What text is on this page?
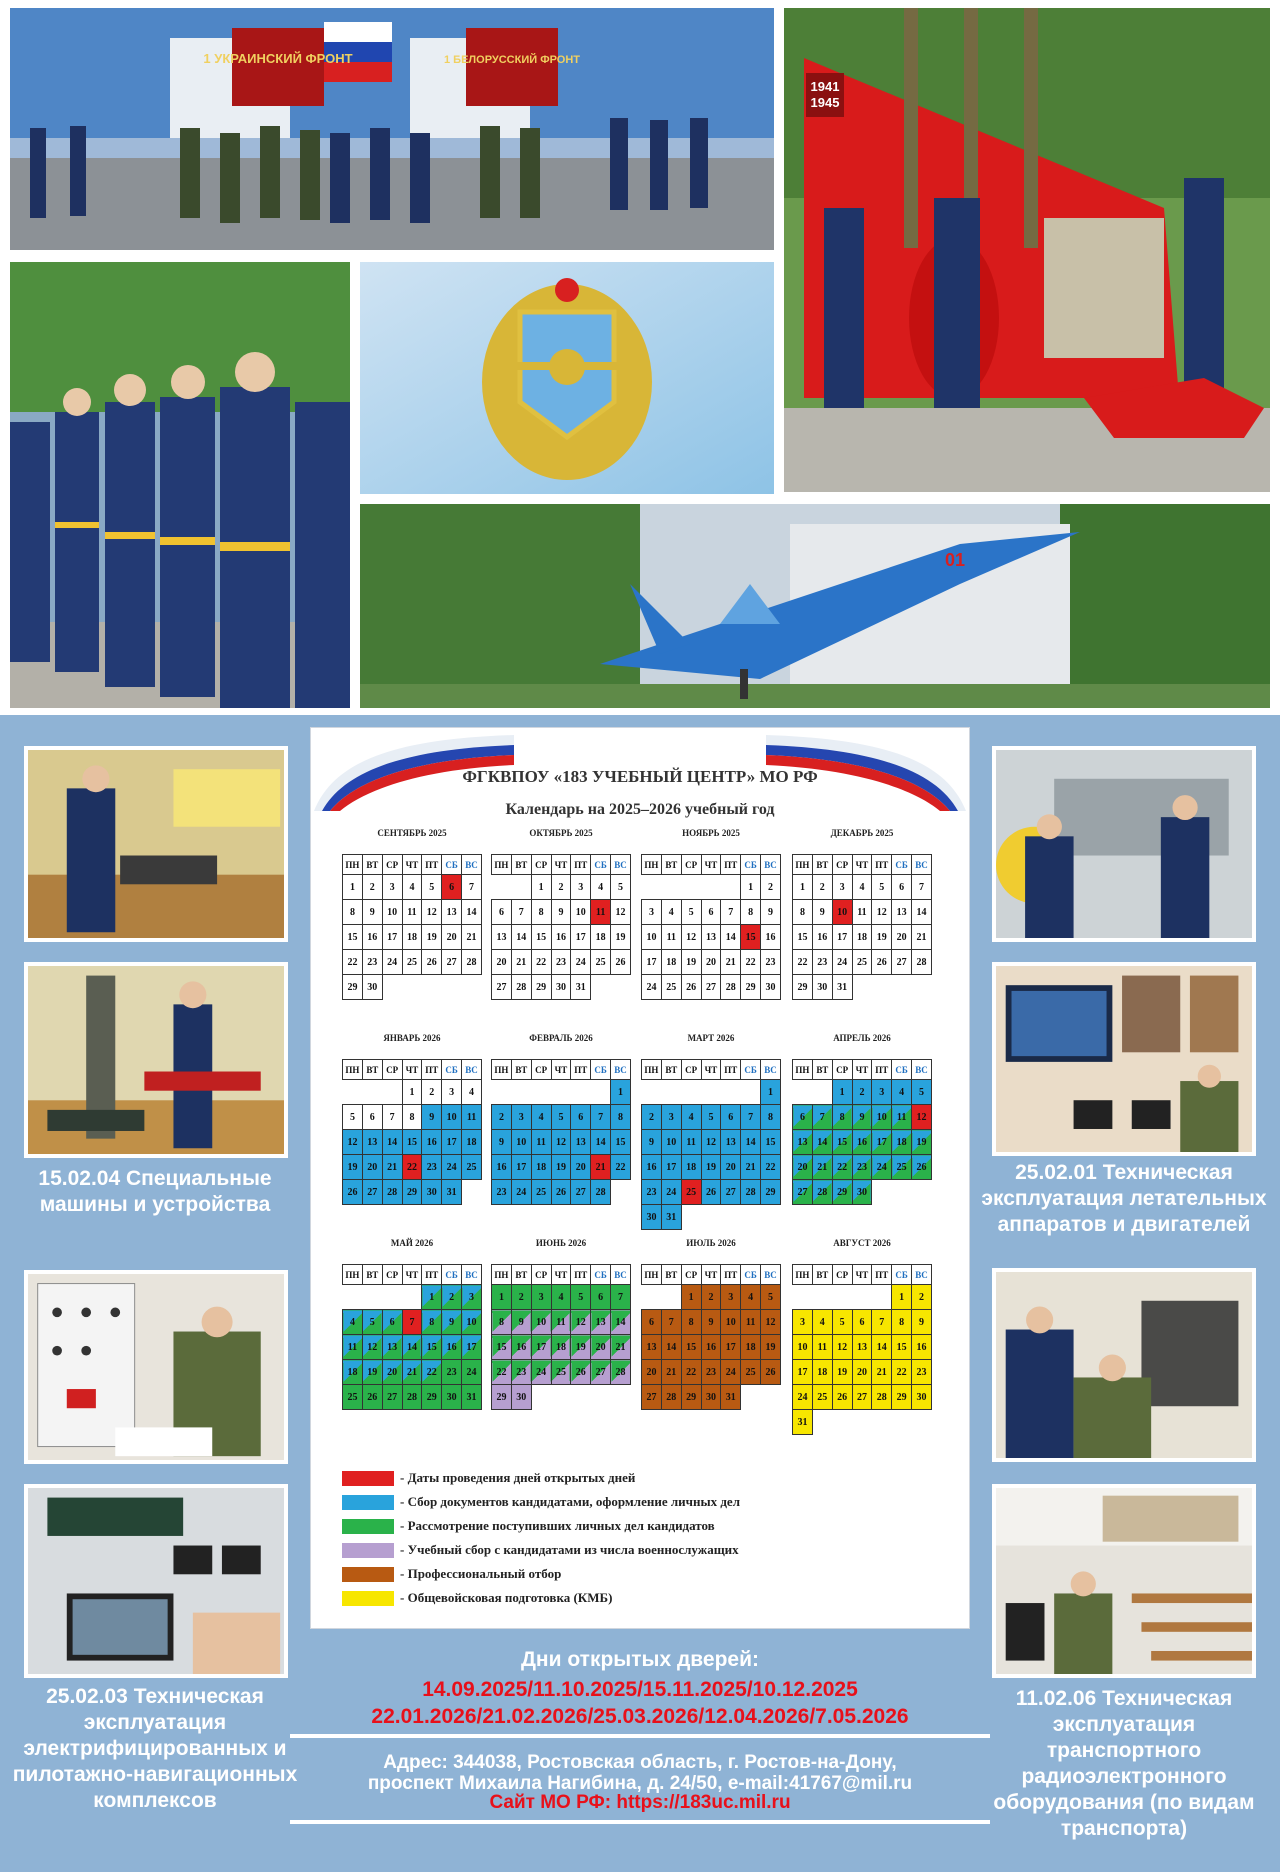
1 УКРАИНСКИЙ ФРОНТ	1 БЕЛОРУССКИЙ ФРОНТ
1941 1945
01
15.02.04 Специальные машины и устройства
25.02.03 Техническая эксплуатация электрифицированных и пилотажно-навигационных комплексов
25.02.01 Техническая эксплуатация летательных аппаратов и двигателей
11.02.06 Техническая эксплуатация транспортного радиоэлектронного оборудования (по видам транспорта)
ФГКВПОУ «183 УЧЕБНЫЙ ЦЕНТР» МО РФ
Календарь на 2025–2026 учебный год
СЕНТЯБРЬ 2025
ПН	ВТ	СР	ЧТ	ПТ	СБ	ВС
1	2	3	4	5	6	7
8	9	10	11	12	13	14
15	16	17	18	19	20	21
22	23	24	25	26	27	28
29	30					
ОКТЯБРЬ 2025
ПН	ВТ	СР	ЧТ	ПТ	СБ	ВС
		1	2	3	4	5
6	7	8	9	10	11	12
13	14	15	16	17	18	19
20	21	22	23	24	25	26
27	28	29	30	31		
НОЯБРЬ 2025
ПН	ВТ	СР	ЧТ	ПТ	СБ	ВС
					1	2
3	4	5	6	7	8	9
10	11	12	13	14	15	16
17	18	19	20	21	22	23
24	25	26	27	28	29	30
ДЕКАБРЬ 2025
ПН	ВТ	СР	ЧТ	ПТ	СБ	ВС
1	2	3	4	5	6	7
8	9	10	11	12	13	14
15	16	17	18	19	20	21
22	23	24	25	26	27	28
29	30	31				
ЯНВАРЬ 2026
ПН	ВТ	СР	ЧТ	ПТ	СБ	ВС
			1	2	3	4
5	6	7	8	9	10	11
12	13	14	15	16	17	18
19	20	21	22	23	24	25
26	27	28	29	30	31	
ФЕВРАЛЬ 2026
ПН	ВТ	СР	ЧТ	ПТ	СБ	ВС
						1
2	3	4	5	6	7	8
9	10	11	12	13	14	15
16	17	18	19	20	21	22
23	24	25	26	27	28	
МАРТ 2026
ПН	ВТ	СР	ЧТ	ПТ	СБ	ВС
						1
2	3	4	5	6	7	8
9	10	11	12	13	14	15
16	17	18	19	20	21	22
23	24	25	26	27	28	29
30	31					
АПРЕЛЬ 2026
ПН	ВТ	СР	ЧТ	ПТ	СБ	ВС
		1	2	3	4	5
6	7	8	9	10	11	12
13	14	15	16	17	18	19
20	21	22	23	24	25	26
27	28	29	30			
МАЙ 2026
ПН	ВТ	СР	ЧТ	ПТ	СБ	ВС
				1	2	3
4	5	6	7	8	9	10
11	12	13	14	15	16	17
18	19	20	21	22	23	24
25	26	27	28	29	30	31
ИЮНЬ 2026
ПН	ВТ	СР	ЧТ	ПТ	СБ	ВС
1	2	3	4	5	6	7
8	9	10	11	12	13	14
15	16	17	18	19	20	21
22	23	24	25	26	27	28
29	30					
ИЮЛЬ 2026
ПН	ВТ	СР	ЧТ	ПТ	СБ	ВС
		1	2	3	4	5
6	7	8	9	10	11	12
13	14	15	16	17	18	19
20	21	22	23	24	25	26
27	28	29	30	31		
АВГУСТ 2026
ПН	ВТ	СР	ЧТ	ПТ	СБ	ВС
					1	2
3	4	5	6	7	8	9
10	11	12	13	14	15	16
17	18	19	20	21	22	23
24	25	26	27	28	29	30
31						
- Даты проведения дней открытых дней
- Сбор документов кандидатами, оформление личных дел
- Рассмотрение поступивших личных дел кандидатов
- Учебный сбор с кандидатами из числа военнослужащих
- Профессиональный отбор
- Общевойсковая подготовка (КМБ)
Дни открытых дверей:
14.09.2025/11.10.2025/15.11.2025/10.12.2025
22.01.2026/21.02.2026/25.03.2026/12.04.2026/7.05.2026
Адрес: 344038, Ростовская область, г. Ростов-на-Дону,
проспект Михаила Нагибина, д. 24/50, e-mail:41767@mil.ru
Сайт МО РФ: https://183uc.mil.ru
